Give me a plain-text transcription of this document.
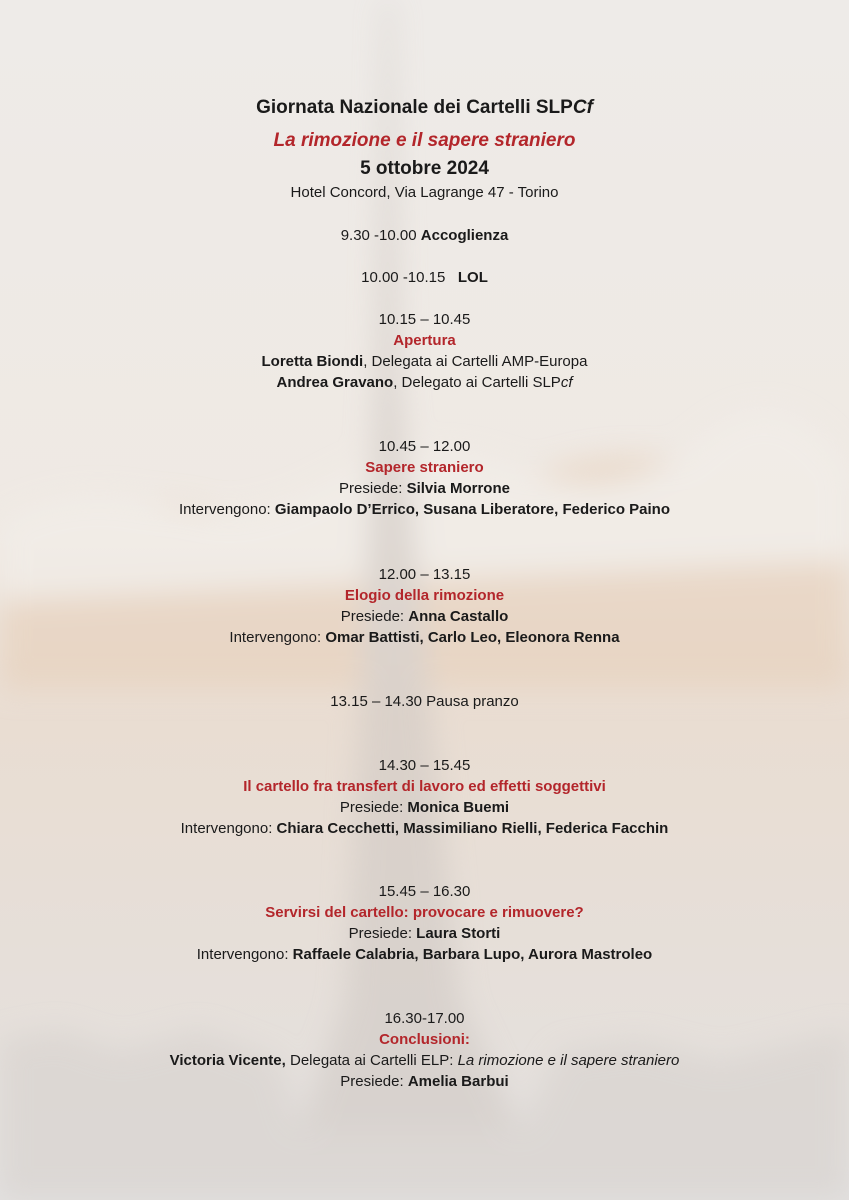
Giornata Nazionale dei Cartelli SLPCf
La rimozione e il sapere straniero
5 ottobre 2024
Hotel Concord, Via Lagrange 47 - Torino
9.30 -10.00 Accoglienza
10.00 -10.15 LOL
10.15 – 10.45
Apertura
Loretta Biondi, Delegata ai Cartelli AMP-Europa
Andrea Gravano, Delegato ai Cartelli SLPcf
10.45 – 12.00
Sapere straniero
Presiede: Silvia Morrone
Intervengono: Giampaolo D’Errico, Susana Liberatore, Federico Paino
12.00 – 13.15
Elogio della rimozione
Presiede: Anna Castallo
Intervengono: Omar Battisti, Carlo Leo, Eleonora Renna
13.15 – 14.30 Pausa pranzo
14.30 – 15.45
Il cartello fra transfert di lavoro ed effetti soggettivi
Presiede: Monica Buemi
Intervengono: Chiara Cecchetti, Massimiliano Rielli, Federica Facchin
15.45 – 16.30
Servirsi del cartello: provocare e rimuovere?
Presiede: Laura Storti
Intervengono: Raffaele Calabria, Barbara Lupo, Aurora Mastroleo
16.30-17.00
Conclusioni:
Victoria Vicente, Delegata ai Cartelli ELP: La rimozione e il sapere straniero
Presiede: Amelia Barbui
